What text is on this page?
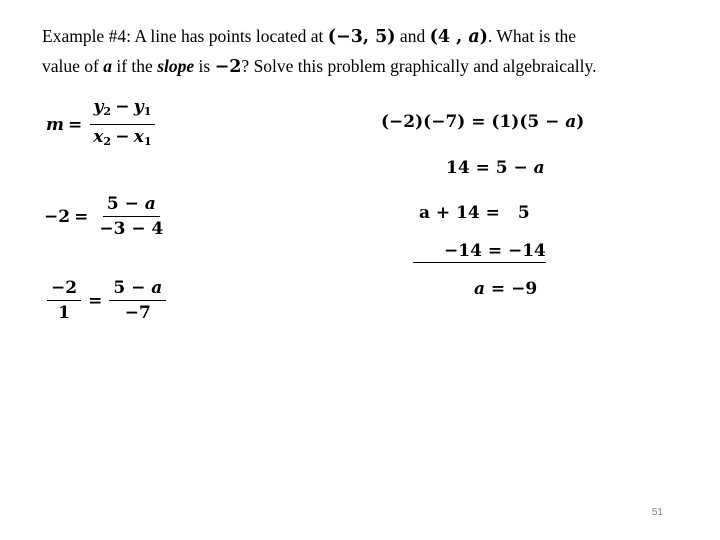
Example #4: A line has points located at (−3, 5) and (4 , a). What is the
value of a if the slope is −2? Solve this problem graphically and algebraically.
$m = \frac{y_2 - y_1}{x_2 - x_1}$
$-2 = \frac{5 - a}{-3 - 4}$
$\frac{-2}{1} = \frac{5 - a}{-7}$
(−2)(−7) = (1)(5 − a)
14 = 5 − a
a + 14 = 5
−14 = −14
a = −9
51
